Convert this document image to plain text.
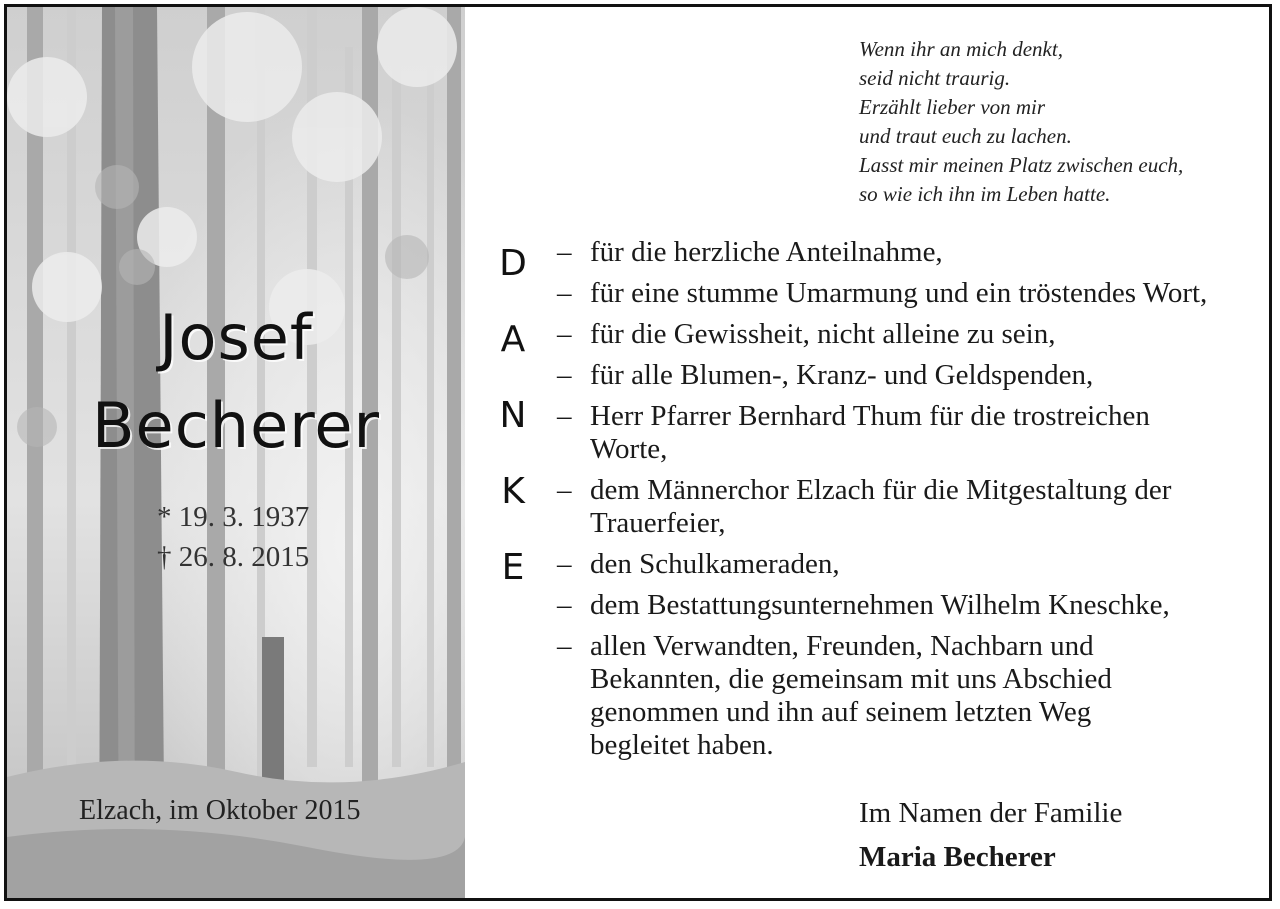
Josef
Becherer
* 19. 3. 1937
† 26. 8. 2015
Elzach, im Oktober 2015
Wenn ihr an mich denkt,
seid nicht traurig.
Erzählt lieber von mir
und traut euch zu lachen.
Lasst mir meinen Platz zwischen euch,
so wie ich ihn im Leben hatte.
D
A
N
K
E
– für die herzliche Anteilnahme,
– für eine stumme Umarmung und ein tröstendes Wort,
– für die Gewissheit, nicht alleine zu sein,
– für alle Blumen-, Kranz- und Geldspenden,
– Herr Pfarrer Bernhard Thum für die trostreichen Worte,
– dem Männerchor Elzach für die Mitgestaltung der Trauerfeier,
– den Schulkameraden,
– dem Bestattungsunternehmen Wilhelm Kneschke,
– allen Verwandten, Freunden, Nachbarn und Bekannten, die gemeinsam mit uns Abschied genommen und ihn auf seinem letzten Weg begleitet haben.
Im Namen der Familie
Maria Becherer
